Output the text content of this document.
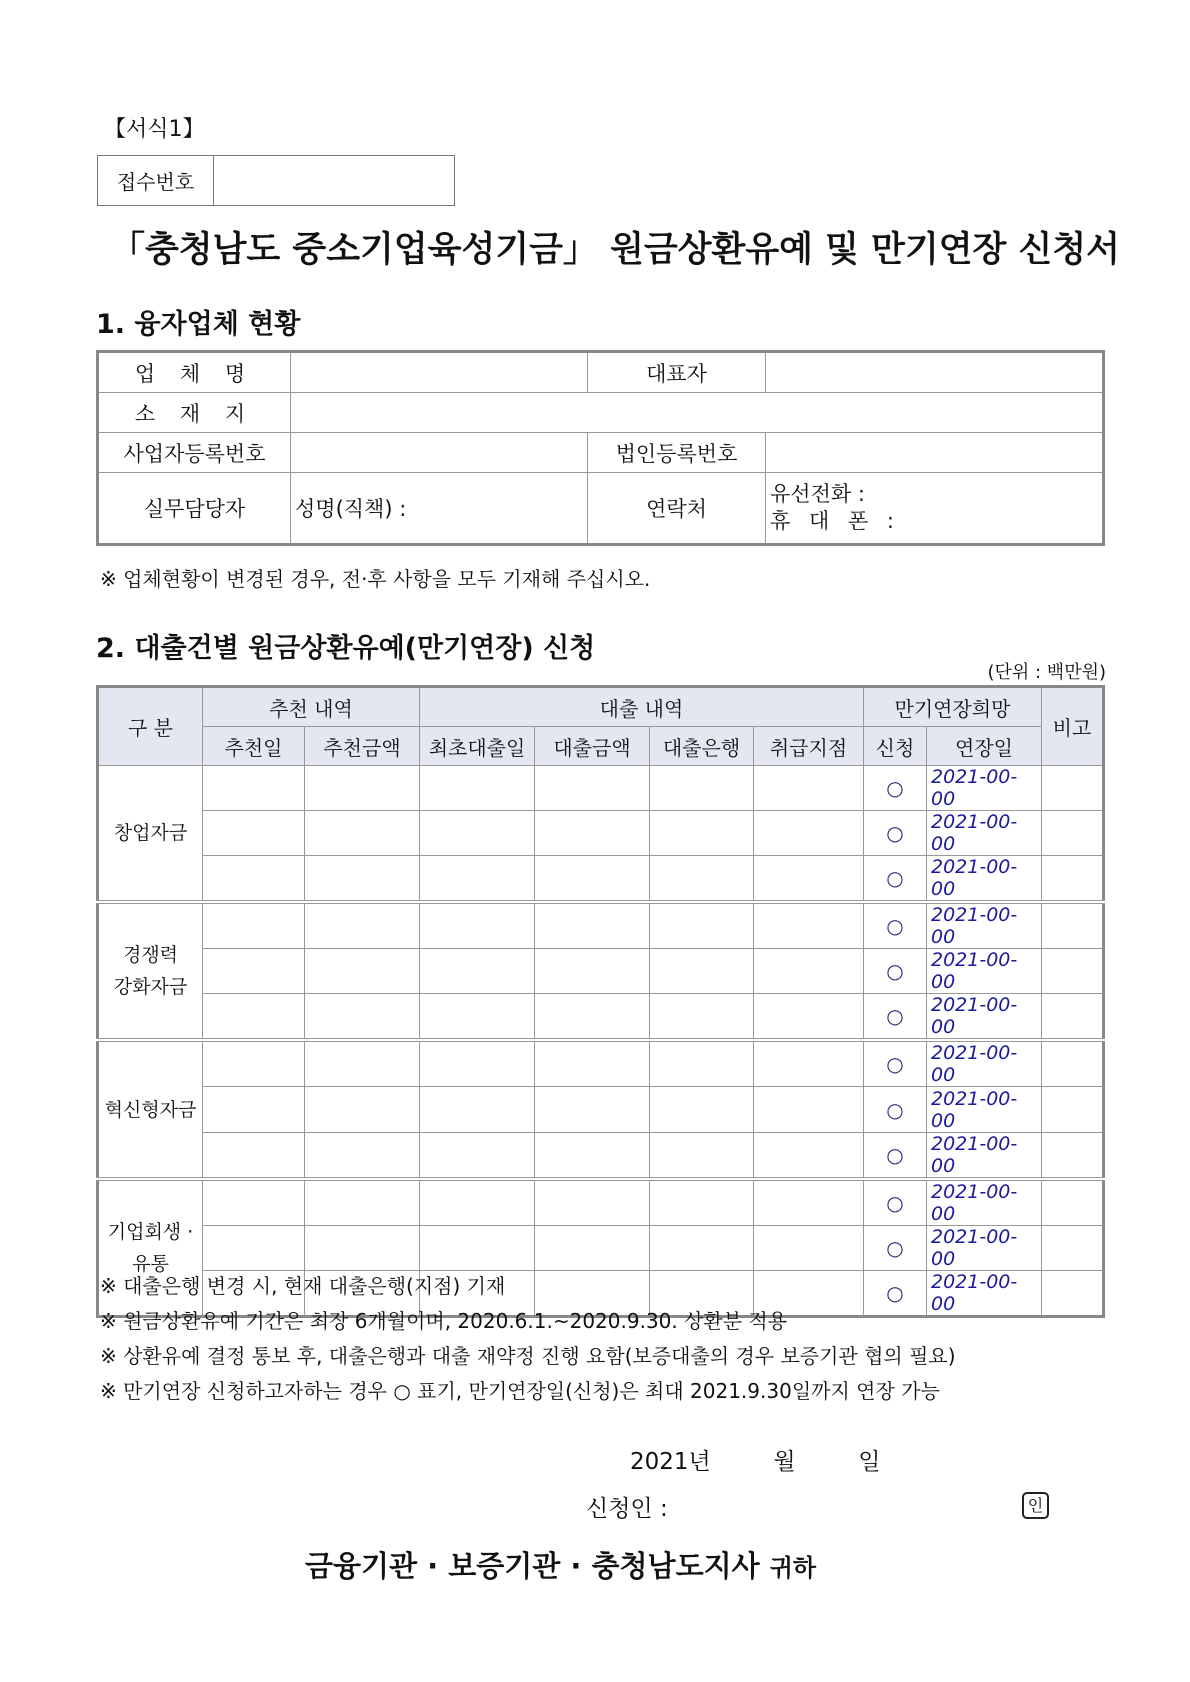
【서식1】
접수번호	
「충청남도 중소기업육성기금」 원금상환유예 및 만기연장 신청서
1. 융자업체 현황
업 체 명		대표자	
소 재 지			
사업자등록번호		법인등록번호	
실무담당자	성명(직책) :	연락처	유선전화 :
휴 대 폰 :
※ 업체현황이 변경된 경우, 전·후 사항을 모두 기재해 주십시오.
2. 대출건별 원금상환유예(만기연장) 신청
(단위 : 백만원)
구 분	추천 내역		대출 내역				만기연장희망		비고
	추천일	추천금액	최초대출일	대출금액	대출은행	취급지점	신청	연장일	
창업자금							○	2021-00-00	
							○	2021-00-00	
							○	2021-00-00	
경쟁력
강화자금							○	2021-00-00	
							○	2021-00-00	
							○	2021-00-00	
혁신형자금							○	2021-00-00	
							○	2021-00-00	
							○	2021-00-00	
기업회생 ·
유통							○	2021-00-00	
							○	2021-00-00	
							○	2021-00-00	
※ 대출은행 변경 시, 현재 대출은행(지점) 기재
※ 원금상환유예 기간은 최장 6개월이며, 2020.6.1.~2020.9.30. 상환분 적용
※ 상환유예 결정 통보 후, 대출은행과 대출 재약정 진행 요함(보증대출의 경우 보증기관 협의 필요)
※ 만기연장 신청하고자하는 경우 ○ 표기, 만기연장일(신청)은 최대 2021.9.30일까지 연장 가능
2021년	월	일
신청인 :	인
금융기관 · 보증기관 · 충청남도지사 귀하
